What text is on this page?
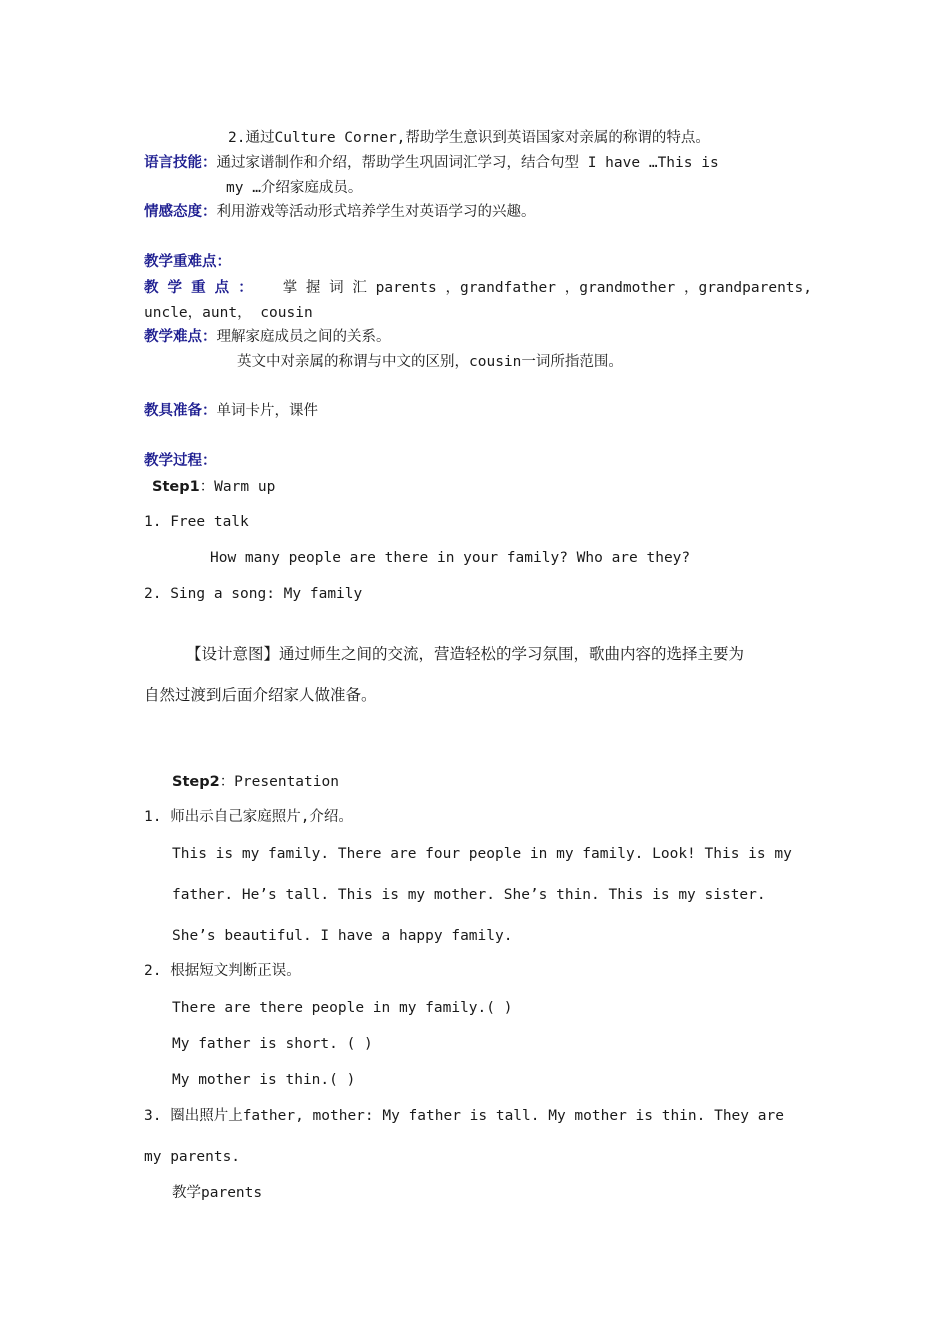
2.通过Culture Corner,帮助学生意识到英语国家对亲属的称谓的特点。
语言技能：通过家谱制作和介绍，帮助学生巩固词汇学习，结合句型 I have …This is
my …介绍家庭成员。
情感态度：利用游戏等活动形式培养学生对英语学习的兴趣。
教学重难点：
教 学 重 点 ： 掌 握 词 汇 parents ， grandfather ， grandmother ， grandparents,
uncle，aunt， cousin
教学难点：理解家庭成员之间的关系。
英文中对亲属的称谓与中文的区别，cousin一词所指范围。
教具准备：单词卡片，课件
教学过程：
Step1：Warm up
1. Free talk
How many people are there in your family? Who are they?
2. Sing a song: My family
【设计意图】通过师生之间的交流，营造轻松的学习氛围，歌曲内容的选择主要为
自然过渡到后面介绍家人做准备。
Step2：Presentation
1. 师出示自己家庭照片,介绍。
This is my family. There are four people in my family. Look! This is my
father. He’s tall. This is my mother. She’s thin. This is my sister.
She’s beautiful. I have a happy family.
2. 根据短文判断正误。
There are there people in my family.( )
My father is short. ( )
My mother is thin.( )
3. 圈出照片上father, mother: My father is tall. My mother is thin. They are
my parents.
教学parents
